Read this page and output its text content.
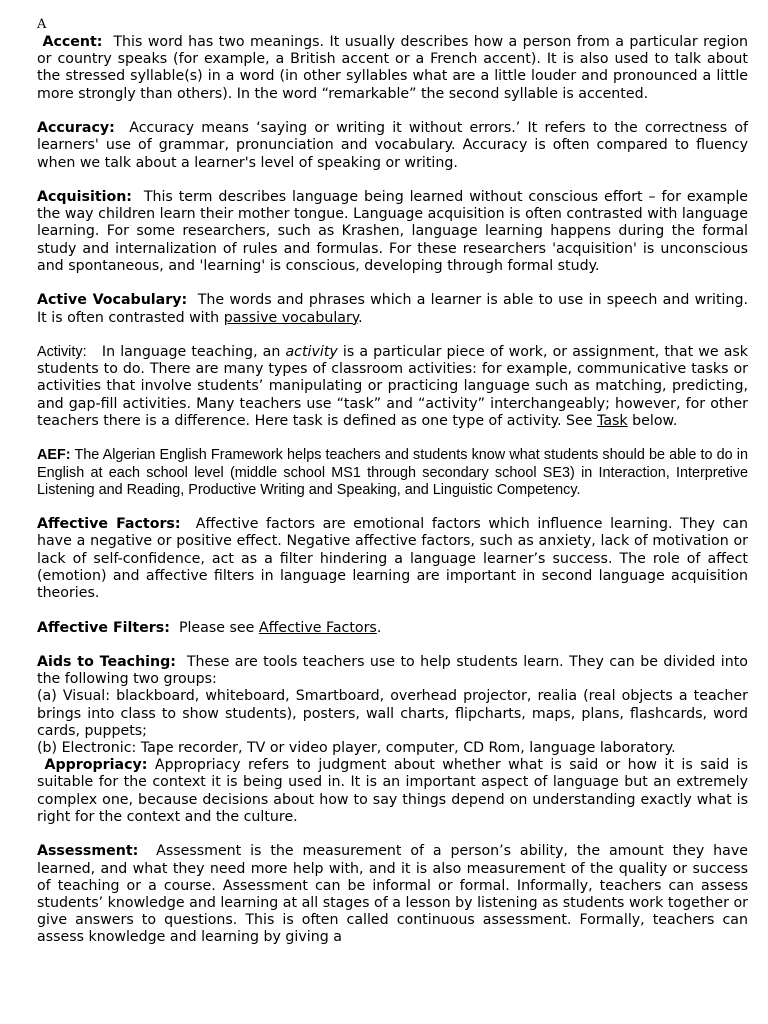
A

Accent: This word has two meanings. It usually describes how a person from a particular region or country speaks (for example, a British accent or a French accent). It is also used to talk about the stressed syllable(s) in a word (in other syllables what are a little louder and pronounced a little more strongly than others). In the word “remarkable” the second syllable is accented.

Accuracy: Accuracy means ‘saying or writing it without errors.’ It refers to the correctness of learners' use of grammar, pronunciation and vocabulary. Accuracy is often compared to fluency when we talk about a learner's level of speaking or writing.

Acquisition: This term describes language being learned without conscious effort – for example the way children learn their mother tongue. Language acquisition is often contrasted with language learning. For some researchers, such as Krashen, language learning happens during the formal study and internalization of rules and formulas. For these researchers 'acquisition' is unconscious and spontaneous, and 'learning' is conscious, developing through formal study.

Active Vocabulary: The words and phrases which a learner is able to use in speech and writing. It is often contrasted with passive vocabulary.

Activity: In language teaching, an activity is a particular piece of work, or assignment, that we ask students to do. There are many types of classroom activities: for example, communicative tasks or activities that involve students’ manipulating or practicing language such as matching, predicting, and gap-fill activities. Many teachers use “task” and “activity” interchangeably; however, for other teachers there is a difference. Here task is defined as one type of activity. See Task below.

AEF: The Algerian English Framework helps teachers and students know what students should be able to do in English at each school level (middle school MS1 through secondary school SE3) in Interaction, Interpretive Listening and Reading, Productive Writing and Speaking, and Linguistic Competency.

Affective Factors: Affective factors are emotional factors which influence learning. They can have a negative or positive effect. Negative affective factors, such as anxiety, lack of motivation or lack of self-confidence, act as a filter hindering a language learner’s success. The role of affect (emotion) and affective filters in language learning are important in second language acquisition theories.

Affective Filters: Please see Affective Factors.

Aids to Teaching: These are tools teachers use to help students learn. They can be divided into the following two groups:

(a) Visual: blackboard, whiteboard, Smartboard, overhead projector, realia (real objects a teacher brings into class to show students), posters, wall charts, flipcharts, maps, plans, flashcards, word cards, puppets;

(b) Electronic: Tape recorder, TV or video player, computer, CD Rom, language laboratory.

Appropriacy: Appropriacy refers to judgment about whether what is said or how it is said is suitable for the context it is being used in. It is an important aspect of language but an extremely complex one, because decisions about how to say things depend on understanding exactly what is right for the context and the culture.

Assessment: Assessment is the measurement of a person’s ability, the amount they have learned, and what they need more help with, and it is also measurement of the quality or success of teaching or a course. Assessment can be informal or formal. Informally, teachers can assess students’ knowledge and learning at all stages of a lesson by listening as students work together or give answers to questions. This is often called continuous assessment. Formally, teachers can assess knowledge and learning by giving a
